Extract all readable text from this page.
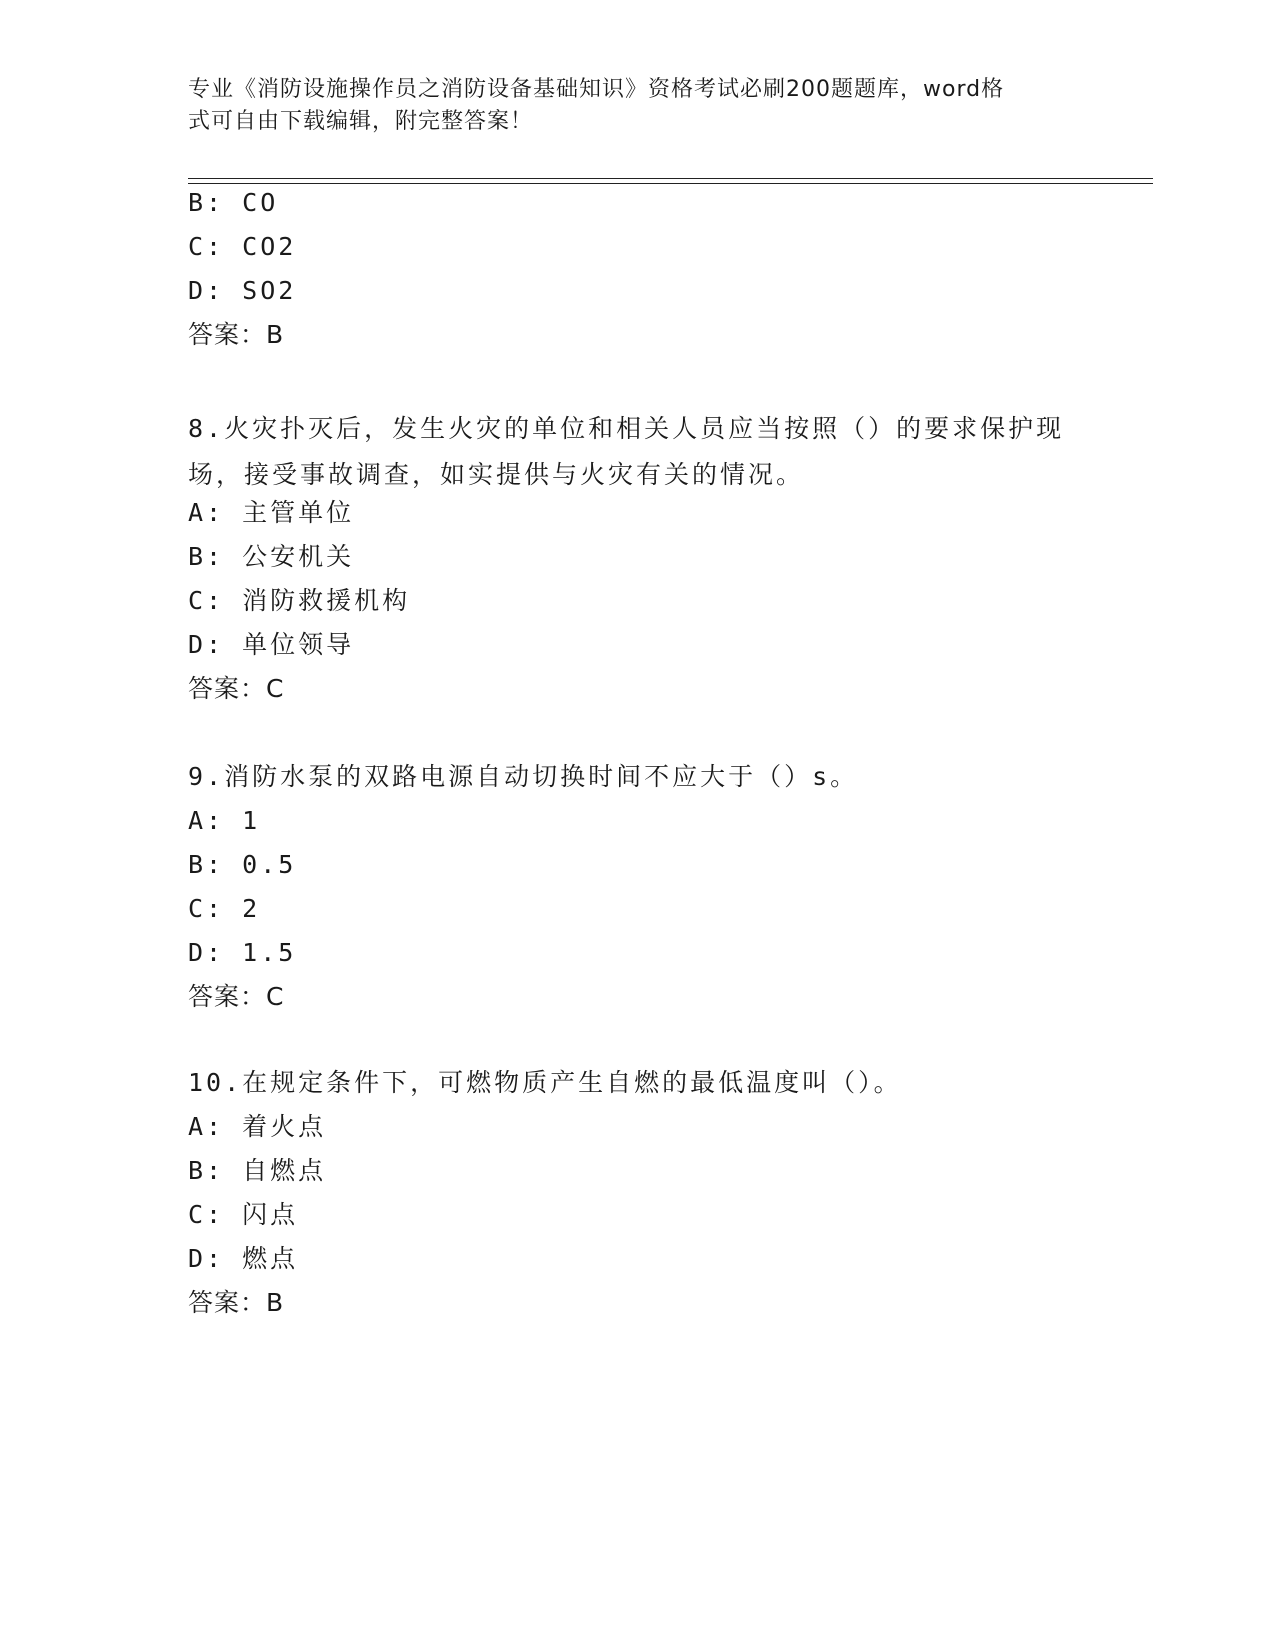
专业《消防设施操作员之消防设备基础知识》资格考试必刷200题题库，word格
式可自由下载编辑，附完整答案！
B: CO
C: CO2
D: SO2
答案：B
8.火灾扑灭后，发生火灾的单位和相关人员应当按照（）的要求保护现场，接受事故调查，如实提供与火灾有关的情况。
A: 主管单位
B: 公安机关
C: 消防救援机构
D: 单位领导
答案：C
9.消防水泵的双路电源自动切换时间不应大于（）s。
A: 1
B: 0.5
C: 2
D: 1.5
答案：C
10.在规定条件下，可燃物质产生自燃的最低温度叫（）。
A: 着火点
B: 自燃点
C: 闪点
D: 燃点
答案：B
